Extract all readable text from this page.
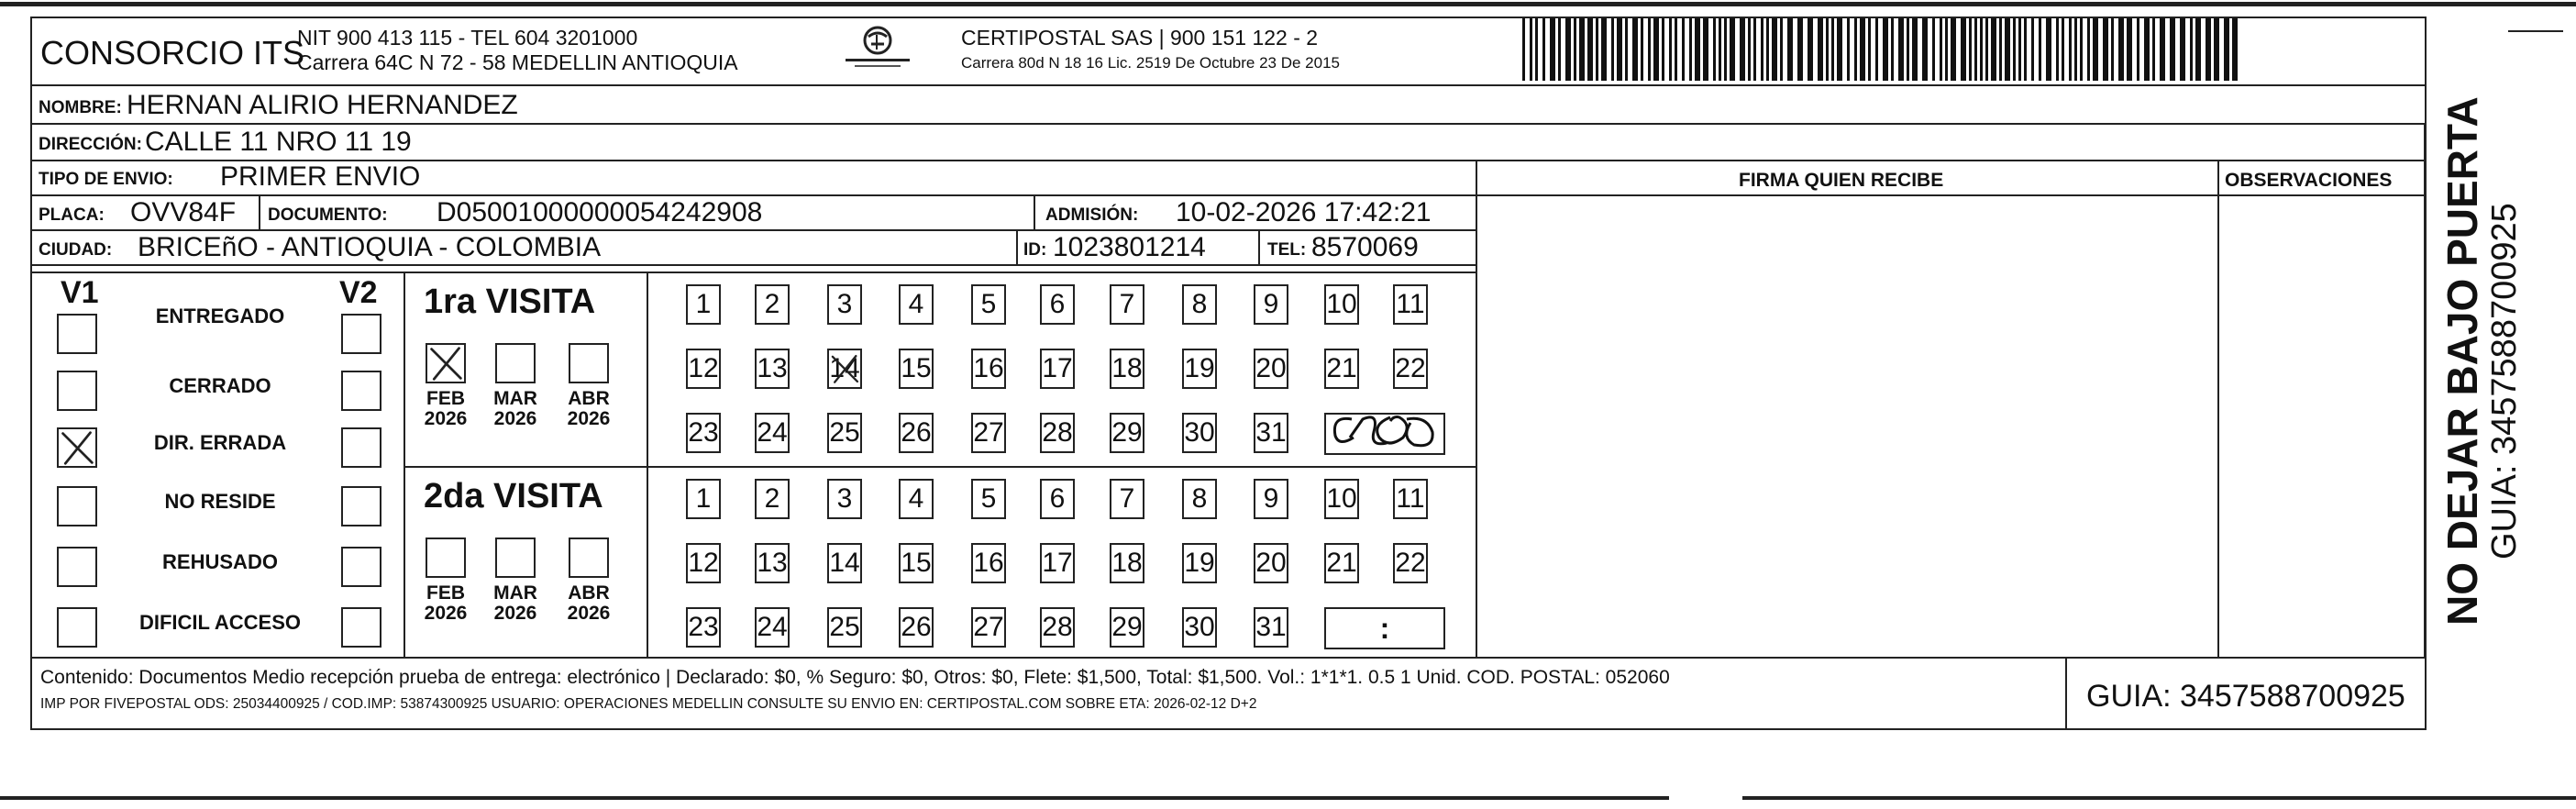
CONSORCIO ITS
NIT 900 413 115 - TEL 604 3201000
Carrera 64C N 72 - 58 MEDELLIN ANTIOQUIA
CERTIPOSTAL SAS | 900 151 122 - 2
Carrera 80d N 18 16 Lic. 2519 De Octubre 23 De 2015
NOMBRE: HERNAN ALIRIO HERNANDEZ
DIRECCIÓN: CALLE 11 NRO 11 19
TIPO DE ENVIO: PRIMER ENVIO
PLACA: OVV84F DOCUMENTO: D05001000000054242908	ADMISIÓN: 10-02-2026 17:42:21
CIUDAD: BRICEñO - ANTIOQUIA - COLOMBIA	ID: 1023801214	TEL: 8570069
FIRMA QUIEN RECIBE	OBSERVACIONES
V1	V2
ENTREGADO
CERRADO
DIR. ERRADA
NO RESIDE
REHUSADO
DIFICIL ACCESO
1ra VISITA
FEB
2026
MAR
2026
ABR
2026
1 2 3 4 5 6 7 8 9 10 11
12 13 14 15 16 17 18 19 20 21 22
23 24 25 26 27 28 29 30 31
2da VISITA
FEB
2026
MAR
2026
ABR
2026
1 2 3 4 5 6 7 8 9 10 11
12 13 14 15 16 17 18 19 20 21 22
23 24 25 26 27 28 29 30 31	:
Contenido: Documentos Medio recepción prueba de entrega: electrónico | Declarado: $0, % Seguro: $0, Otros: $0, Flete: $1,500, Total: $1,500. Vol.: 1*1*1. 0.5 1 Unid. COD. POSTAL: 052060
IMP POR FIVEPOSTAL ODS: 25034400925 / COD.IMP: 53874300925 USUARIO: OPERACIONES MEDELLIN CONSULTE SU ENVIO EN: CERTIPOSTAL.COM SOBRE ETA: 2026-02-12 D+2	GUIA: 3457588700925
NO DEJAR BAJO PUERTA GUIA: 3457588700925
